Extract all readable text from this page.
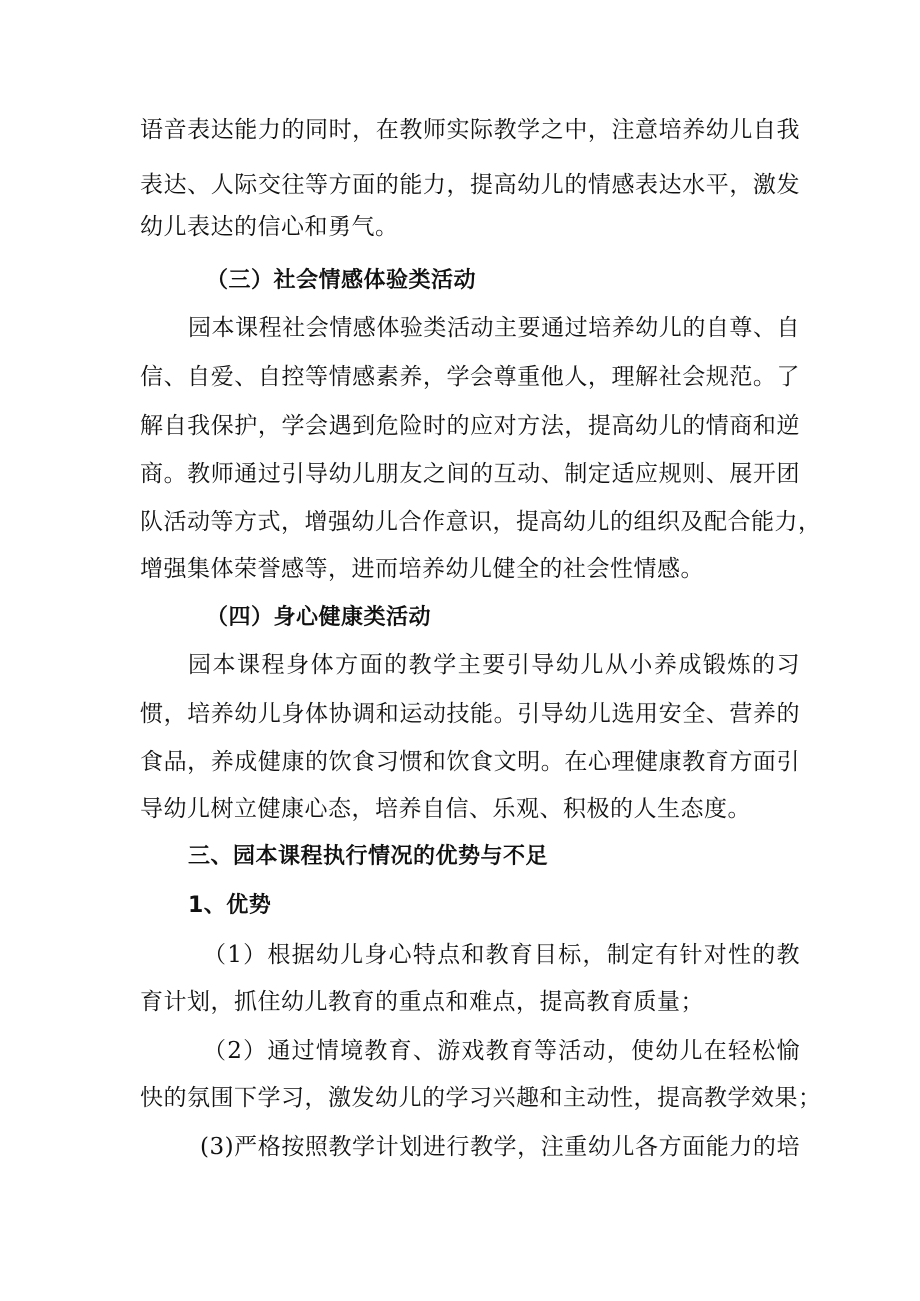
语音表达能力的同时，在教师实际教学之中，注意培养幼儿自我
表达、人际交往等方面的能力，提高幼儿的情感表达水平，激发
幼儿表达的信心和勇气。
（三）社会情感体验类活动
园本课程社会情感体验类活动主要通过培养幼儿的自尊、自
信、自爱、自控等情感素养，学会尊重他人，理解社会规范。了
解自我保护，学会遇到危险时的应对方法，提高幼儿的情商和逆
商。教师通过引导幼儿朋友之间的互动、制定适应规则、展开团
队活动等方式，增强幼儿合作意识，提高幼儿的组织及配合能力，
增强集体荣誉感等，进而培养幼儿健全的社会性情感。
（四）身心健康类活动
园本课程身体方面的教学主要引导幼儿从小养成锻炼的习
惯，培养幼儿身体协调和运动技能。引导幼儿选用安全、营养的
食品，养成健康的饮食习惯和饮食文明。在心理健康教育方面引
导幼儿树立健康心态，培养自信、乐观、积极的人生态度。
三、园本课程执行情况的优势与不足
1、优势
（1）根据幼儿身心特点和教育目标，制定有针对性的教
育计划，抓住幼儿教育的重点和难点，提高教育质量；
（2）通过情境教育、游戏教育等活动，使幼儿在轻松愉
快的氛围下学习，激发幼儿的学习兴趣和主动性，提高教学效果；
(3)严格按照教学计划进行教学，注重幼儿各方面能力的培
